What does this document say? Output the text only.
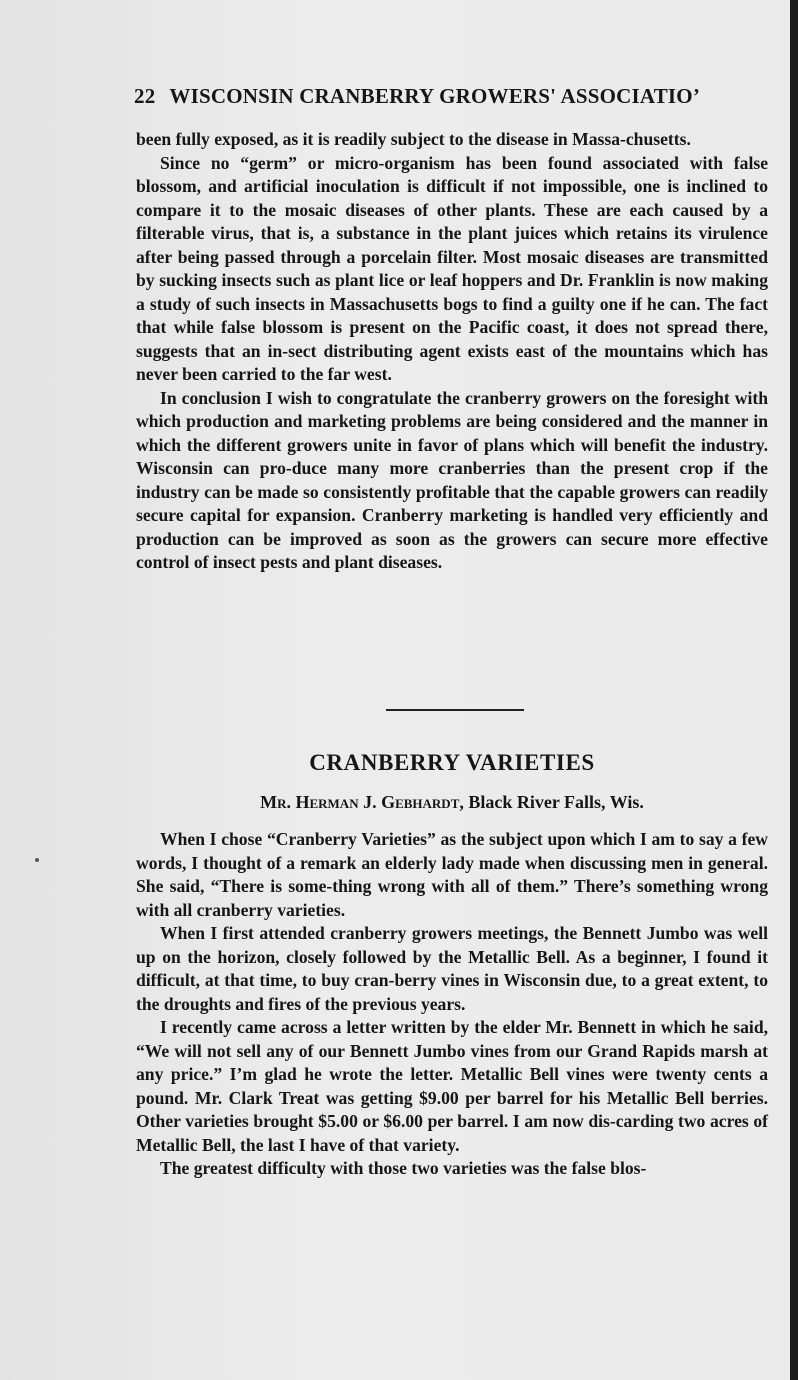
22 WISCONSIN CRANBERRY GROWERS' ASSOCIATIO’

been fully exposed, as it is readily subject to the disease in Massa-chusetts.

Since no “germ” or micro-organism has been found associated with false blossom, and artificial inoculation is difficult if not impossible, one is inclined to compare it to the mosaic diseases of other plants. These are each caused by a filterable virus, that is, a substance in the plant juices which retains its virulence after being passed through a porcelain filter. Most mosaic diseases are transmitted by sucking insects such as plant lice or leaf hoppers and Dr. Franklin is now making a study of such insects in Massachusetts bogs to find a guilty one if he can. The fact that while false blossom is present on the Pacific coast, it does not spread there, suggests that an in-sect distributing agent exists east of the mountains which has never been carried to the far west.

In conclusion I wish to congratulate the cranberry growers on the foresight with which production and marketing problems are being considered and the manner in which the different growers unite in favor of plans which will benefit the industry. Wisconsin can pro-duce many more cranberries than the present crop if the industry can be made so consistently profitable that the capable growers can readily secure capital for expansion. Cranberry marketing is handled very efficiently and production can be improved as soon as the growers can secure more effective control of insect pests and plant diseases.

CRANBERRY VARIETIES
Mr. Herman J. Gebhardt, Black River Falls, Wis.

When I chose “Cranberry Varieties” as the subject upon which I am to say a few words, I thought of a remark an elderly lady made when discussing men in general. She said, “There is some-thing wrong with all of them.” There’s something wrong with all cranberry varieties.

When I first attended cranberry growers meetings, the Bennett Jumbo was well up on the horizon, closely followed by the Metallic Bell. As a beginner, I found it difficult, at that time, to buy cran-berry vines in Wisconsin due, to a great extent, to the droughts and fires of the previous years.

I recently came across a letter written by the elder Mr. Bennett in which he said, “We will not sell any of our Bennett Jumbo vines from our Grand Rapids marsh at any price.” I’m glad he wrote the letter. Metallic Bell vines were twenty cents a pound. Mr. Clark Treat was getting $9.00 per barrel for his Metallic Bell berries. Other varieties brought $5.00 or $6.00 per barrel. I am now dis-carding two acres of Metallic Bell, the last I have of that variety.

The greatest difficulty with those two varieties was the false blos-
